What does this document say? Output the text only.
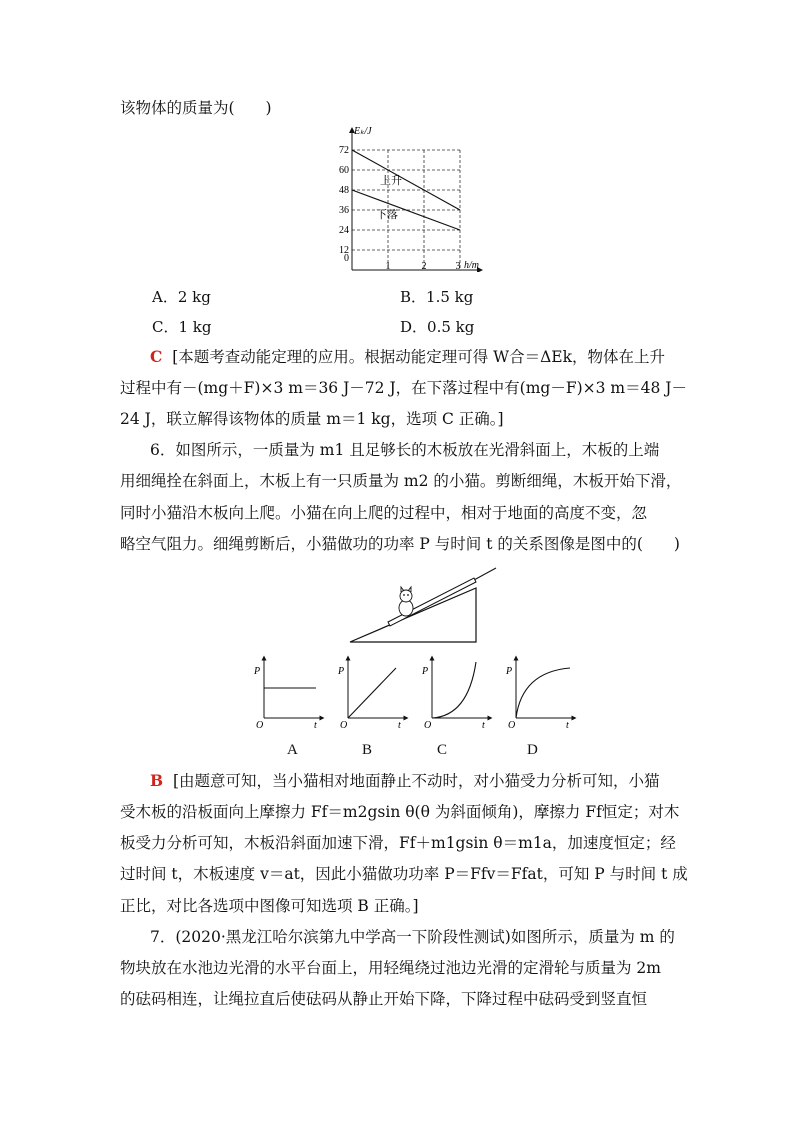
该物体的质量为(　　)
Eₖ/J
h/m
72
60
48
36
24
12
0
1	2	3
上升
下落
A．2 kg	B．1.5 kg
C．1 kg	D．0.5 kg
C [本题考查动能定理的应用。根据动能定理可得 W合＝ΔEk，物体在上升
过程中有－(mg＋F)×3 m＝36 J－72 J，在下落过程中有(mg－F)×3 m＝48 J－
24 J，联立解得该物体的质量 m＝1 kg，选项 C 正确。]
6．如图所示，一质量为 m1 且足够长的木板放在光滑斜面上，木板的上端
用细绳拴在斜面上，木板上有一只质量为 m2 的小猫。剪断细绳，木板开始下滑，
同时小猫沿木板向上爬。小猫在向上爬的过程中，相对于地面的高度不变，忽
略空气阻力。细绳剪断后，小猫做功的功率 P 与时间 t 的关系图像是图中的(　　)
P
t
O
P
t
O
P
t
O
P
t
O
A	B	C	D
B [由题意可知，当小猫相对地面静止不动时，对小猫受力分析可知，小猫
受木板的沿板面向上摩擦力 Ff＝m2gsin θ(θ 为斜面倾角)，摩擦力 Ff恒定；对木
板受力分析可知，木板沿斜面加速下滑，Ff＋m1gsin θ＝m1a，加速度恒定；经
过时间 t，木板速度 v＝at，因此小猫做功功率 P＝Ffv＝Ffat，可知 P 与时间 t 成
正比，对比各选项中图像可知选项 B 正确。]
7．(2020·黑龙江哈尔滨第九中学高一下阶段性测试)如图所示，质量为 m 的
物块放在水池边光滑的水平台面上，用轻绳绕过池边光滑的定滑轮与质量为 2m
的砝码相连，让绳拉直后使砝码从静止开始下降，下降过程中砝码受到竖直恒
